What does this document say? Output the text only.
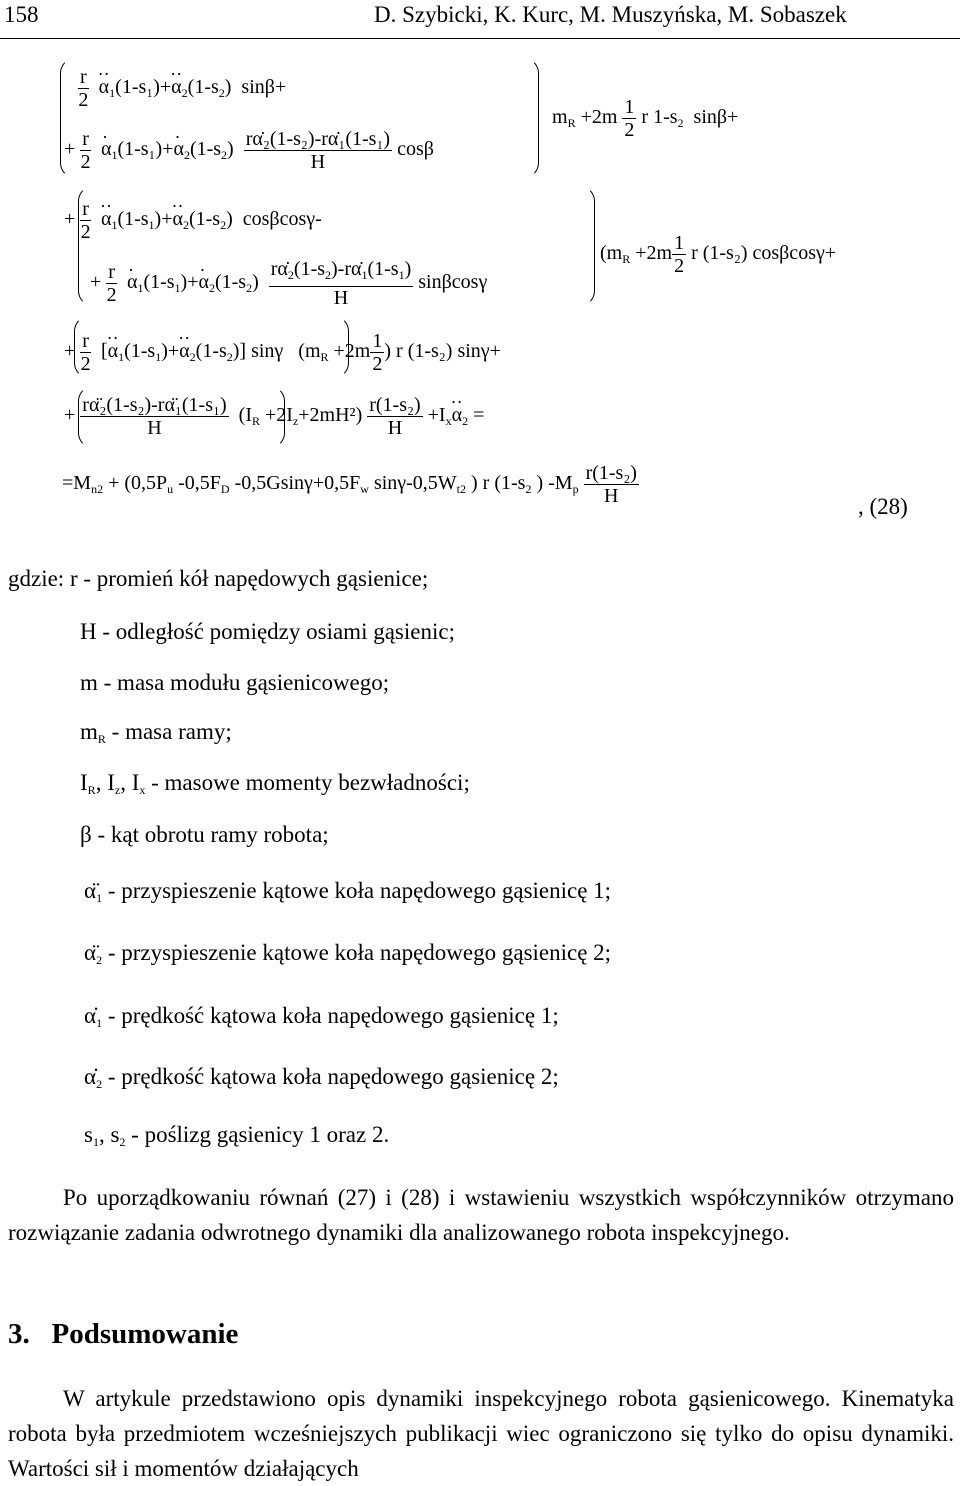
158	D. Szybicki, K. Kurc, M. Muszyńska, M. Sobaszek
$\frac{r}{2}$
·· $\alpha_1(1-s_1)+\cdot\cdot \alpha_2(1-s_2)$  sinβ+
+ $\frac{r}{2}$
· $\alpha_1(1-s_1)+\cdot \alpha_2(1-s_2) \frac{\text{rα̇₂(1-s₂)-rα̇₁(1-s₁)}}{H}$ cosβ
$m_R +2m \frac{1}{2}$ r $1-s_2$ sinβ+
+ $\frac{r}{2}$
·· $\alpha_1(1-s_1)+\cdot\cdot \alpha_2(1-s_2)$  cosβcosγ-
+ $\frac{r}{2}$
· $\alpha_1(1-s_1)+\cdot \alpha_2(1-s_2) \frac{r\alphȧ_2(1-s_2)-r\alphȧ_1(1-s_1)}{H}$ sinβcosγ
($m_R +2m \frac{1}{2}$ r (1-s₂) cosβcosγ+
+ $\frac{r}{2}$ [·· $\alpha_1(1-s_1)+\cdot\cdot \alpha_2(1-s_2)$] sinγ   ($m_R +2m \frac{1}{2}$ ) r (1-s₂) sinγ+
+ $\frac{\text{rα̈₂(1-s₂)-rα̈₁(1-s₁)}}{H} (I_R +2I_z+2mH^2) \frac{\text{r(1-s₂)}}{H} +I_x\cdot\cdot \alpha_2$ =
$=M_{n2} + (0,5P_u$ $-0,5F_D$ $-0,5Gsin\gamma+0,5F_w$ sinγ-$0,5W_{t2}$ ) r ($1-s_2$ ) $-M_p \frac{\text{r(1-s₂)}}{H}$	, (28)
gdzie: r - promień kół napędowych gąsienice;
H - odległość pomiędzy osiami gąsienic;
m - masa modułu gąsienicowego;
$m_R$ - masa ramy;
$I_R$, $I_z$, $I_x$ - masowe momenty bezwładności;
β - kąt obrotu ramy robota;
$\alphä_1$ - przyspieszenie kątowe koła napędowego gąsienicę 1;
$\alphä_2$ - przyspieszenie kątowe koła napędowego gąsienicę 2;
$\alphȧ_1$ - prędkość kątowa koła napędowego gąsienicę 1;
$\alphȧ_2$ - prędkość kątowa koła napędowego gąsienicę 2;
$s_1$, $s_2$ - poślizg gąsienicy 1 oraz 2.
Po uporządkowaniu równań (27) i (28) i wstawieniu wszystkich współczynników otrzymano rozwiązanie zadania odwrotnego dynamiki dla analizowanego robota inspekcyjnego.
3. Podsumowanie
W artykule przedstawiono opis dynamiki inspekcyjnego robota gąsienicowego. Kinematyka robota była przedmiotem wcześniejszych publikacji wiec ograniczono się tylko do opisu dynamiki. Wartości sił i momentów działających
